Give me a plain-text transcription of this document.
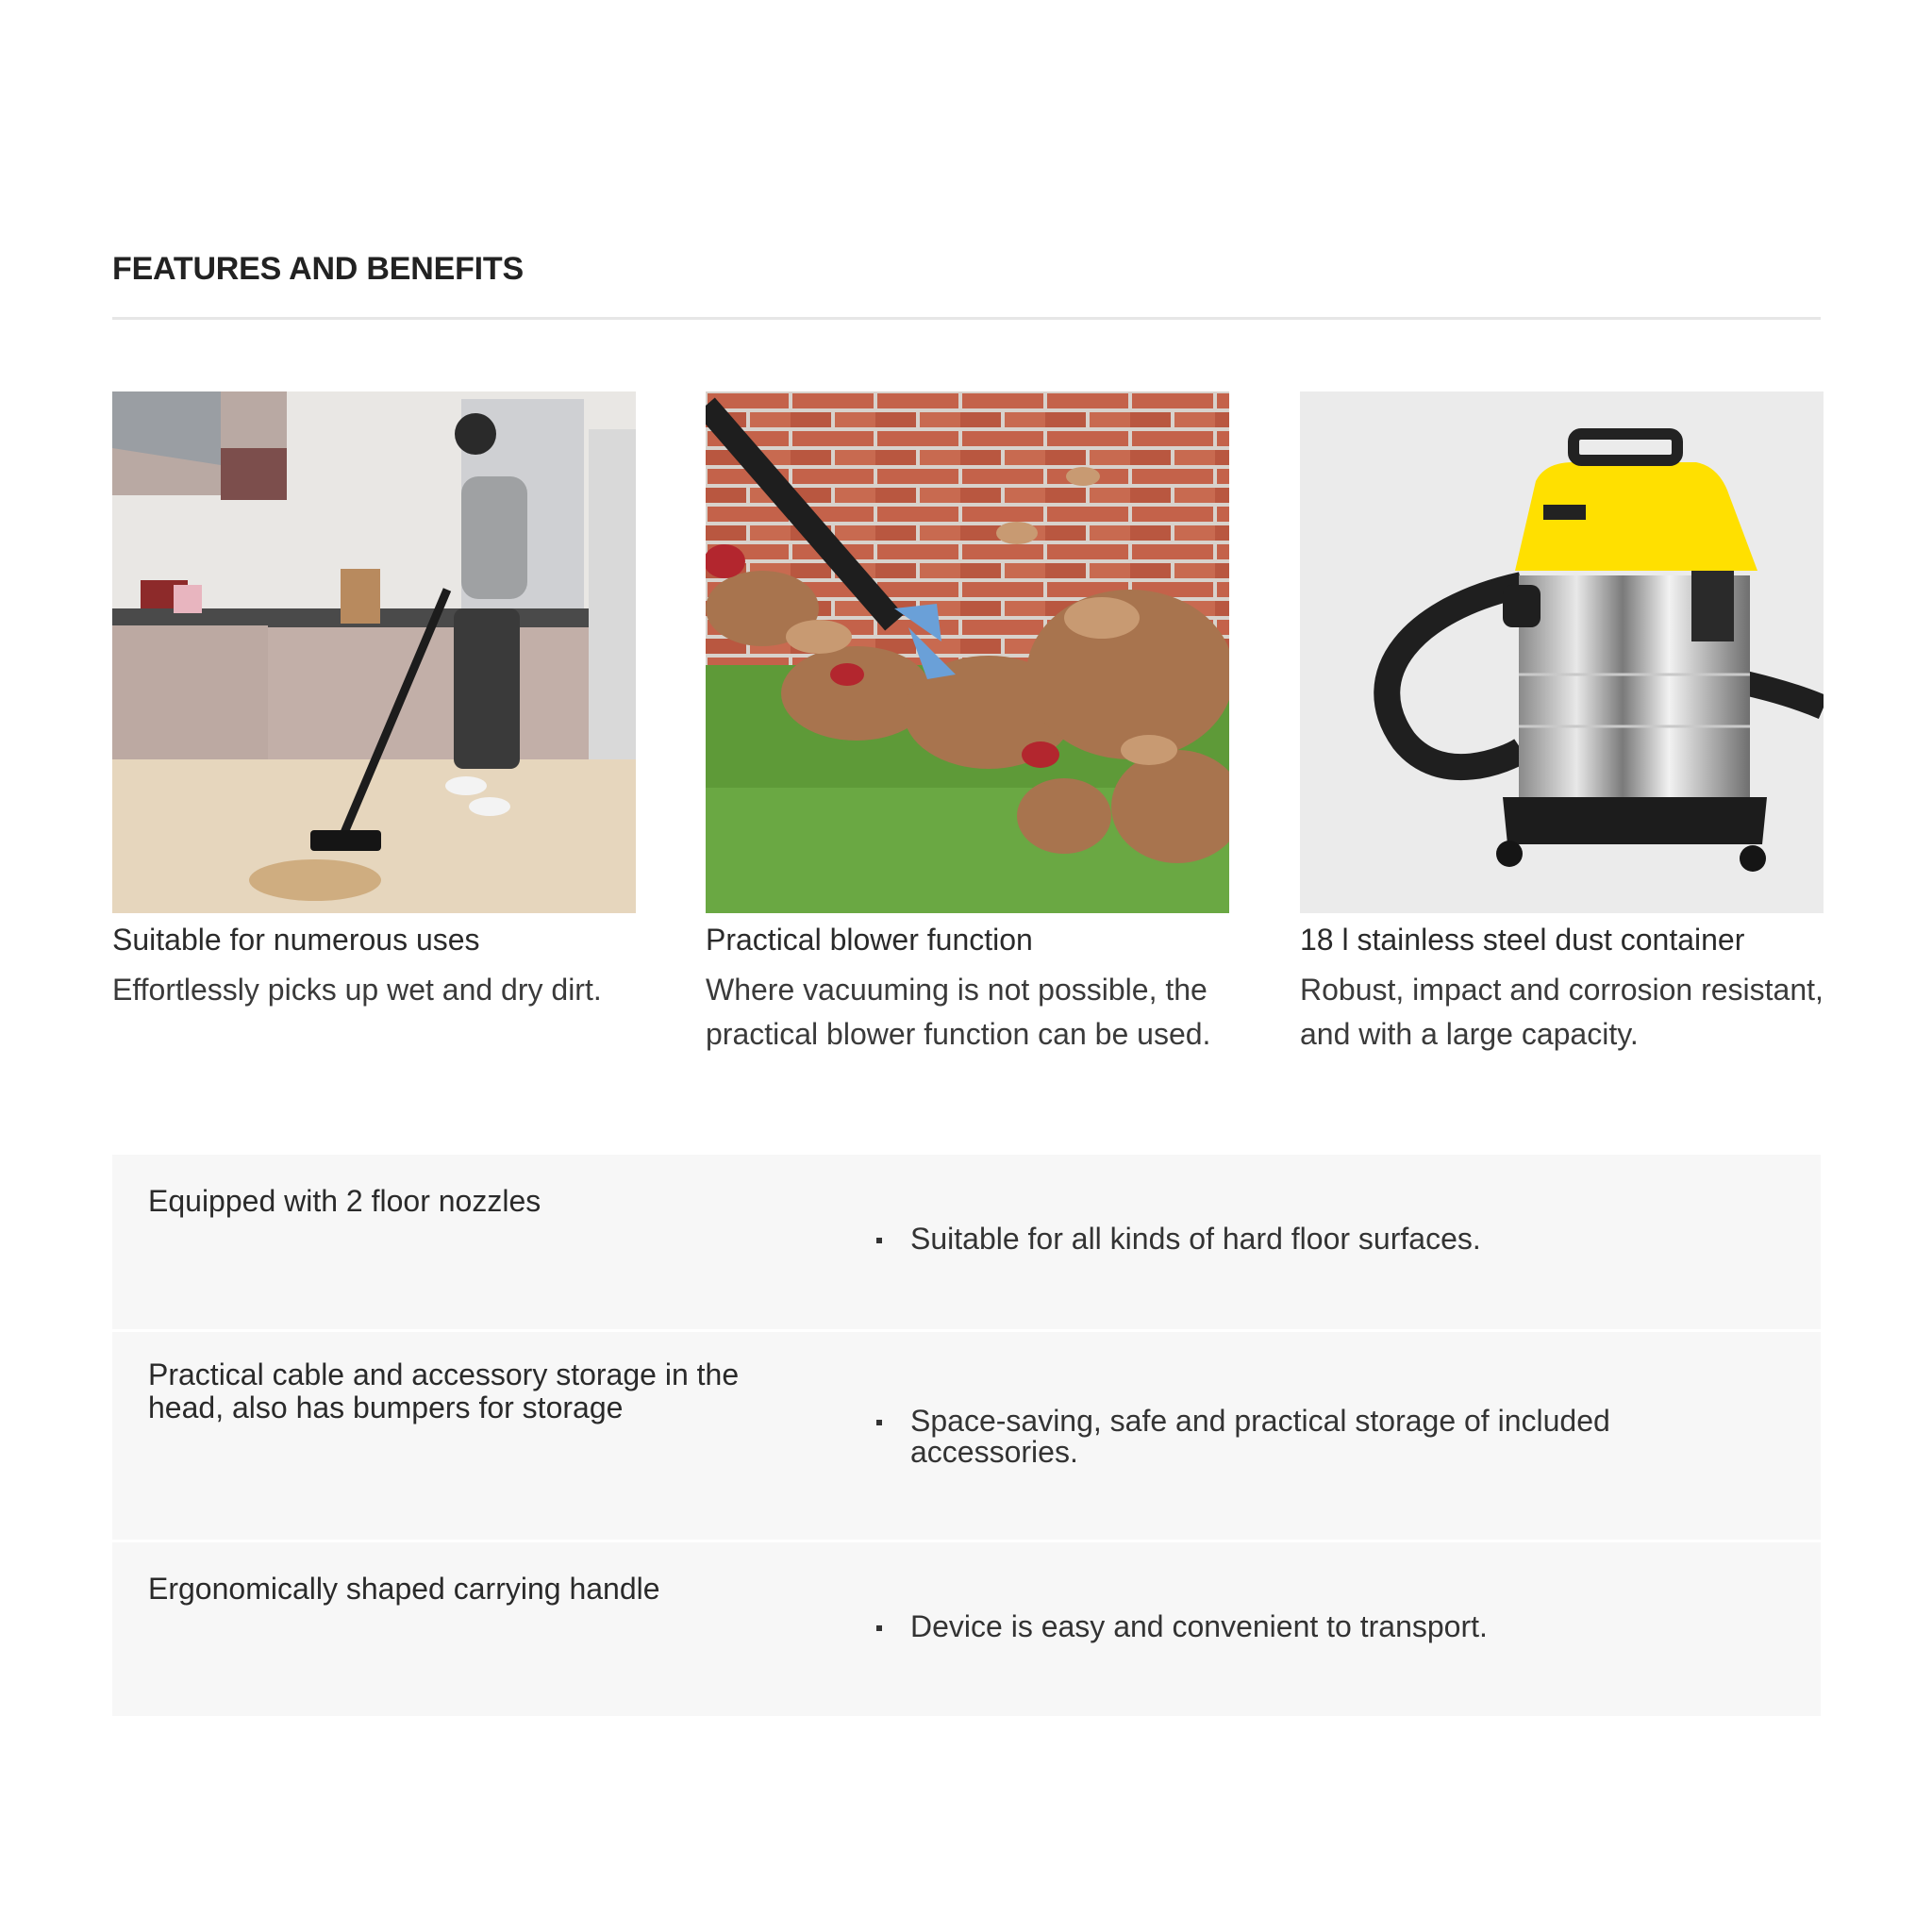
FEATURES AND BENEFITS
Suitable for numerous uses
Effortlessly picks up wet and dry dirt.
Practical blower function
Where vacuuming is not possible, the practical blower function can be used.
18 l stainless steel dust container
Robust, impact and corrosion resistant, and with a large capacity.
Equipped with 2 floor nozzles
Suitable for all kinds of hard floor surfaces.
Practical cable and accessory storage in the head, also has bumpers for storage	Space-saving, safe and practical storage of included accessories.
Ergonomically shaped carrying handle
Device is easy and convenient to transport.
